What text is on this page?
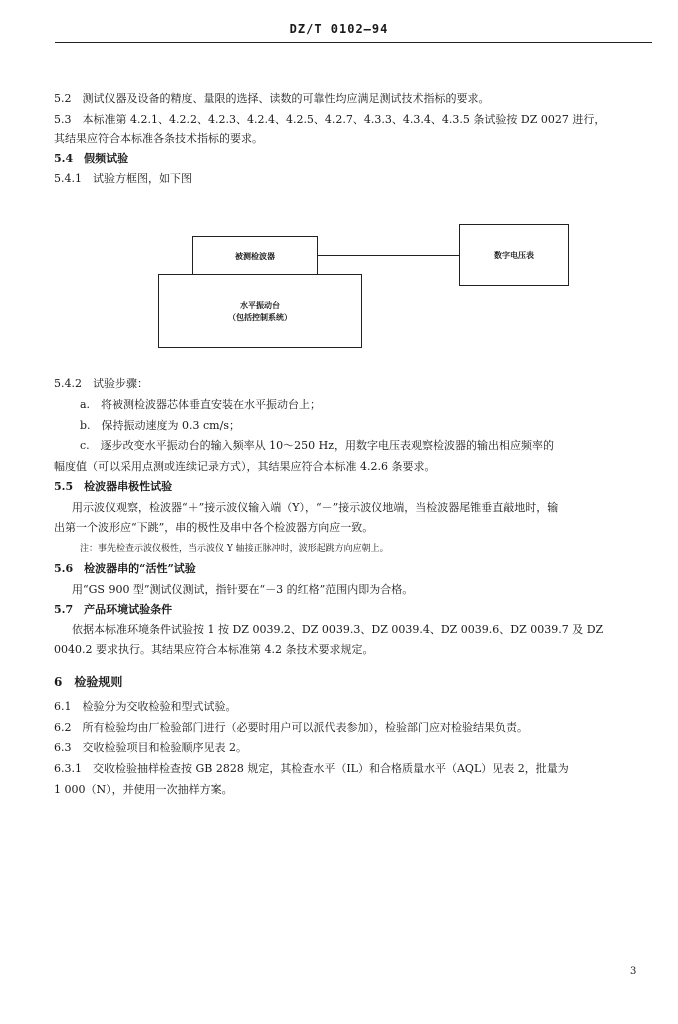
DZ/T 0102—94
5.2　测试仪器及设备的精度、量限的选择、读数的可靠性均应满足测试技术指标的要求。
5.3　本标准第 4.2.1、4.2.2、4.2.3、4.2.4、4.2.5、4.2.7、4.3.3、4.3.4、4.3.5 条试验按 DZ 0027 进行，
其结果应符合本标准各条技术指标的要求。
5.4　假频试验
5.4.1　试验方框图，如下图
被测检波器
水平振动台
（包括控制系统）
数字电压表
5.4.2　试验步骤：
a.　将被测检波器芯体垂直安装在水平振动台上；
b.　保持振动速度为 0.3 cm/s；
c.　逐步改变水平振动台的输入频率从 10～250 Hz，用数字电压表观察检波器的输出相应频率的
幅度值（可以采用点测或连续记录方式），其结果应符合本标准 4.2.6 条要求。
5.5　检波器串极性试验
用示波仪观察，检波器“＋”接示波仪输入端（Y），“－”接示波仪地端，当检波器尾锥垂直敲地时，输
出第一个波形应“下跳”，串的极性及串中各个检波器方向应一致。
注：事先检查示波仪极性，当示波仪 Y 轴接正脉冲时，波形起跳方向应朝上。
5.6　检波器串的“活性”试验
用“GS 900 型”测试仪测试，指针要在“－3 的红格”范围内即为合格。
5.7　产品环境试验条件
依据本标准环境条件试验按 1 按 DZ 0039.2、DZ 0039.3、DZ 0039.4、DZ 0039.6、DZ 0039.7 及 DZ
0040.2 要求执行。其结果应符合本标准第 4.2 条技术要求规定。
6　检验规则
6.1　检验分为交收检验和型式试验。
6.2　所有检验均由厂检验部门进行（必要时用户可以派代表参加），检验部门应对检验结果负责。
6.3　交收检验项目和检验顺序见表 2。
6.3.1　交收检验抽样检查按 GB 2828 规定，其检查水平（IL）和合格质量水平（AQL）见表 2，批量为
1 000（N），并使用一次抽样方案。
3
